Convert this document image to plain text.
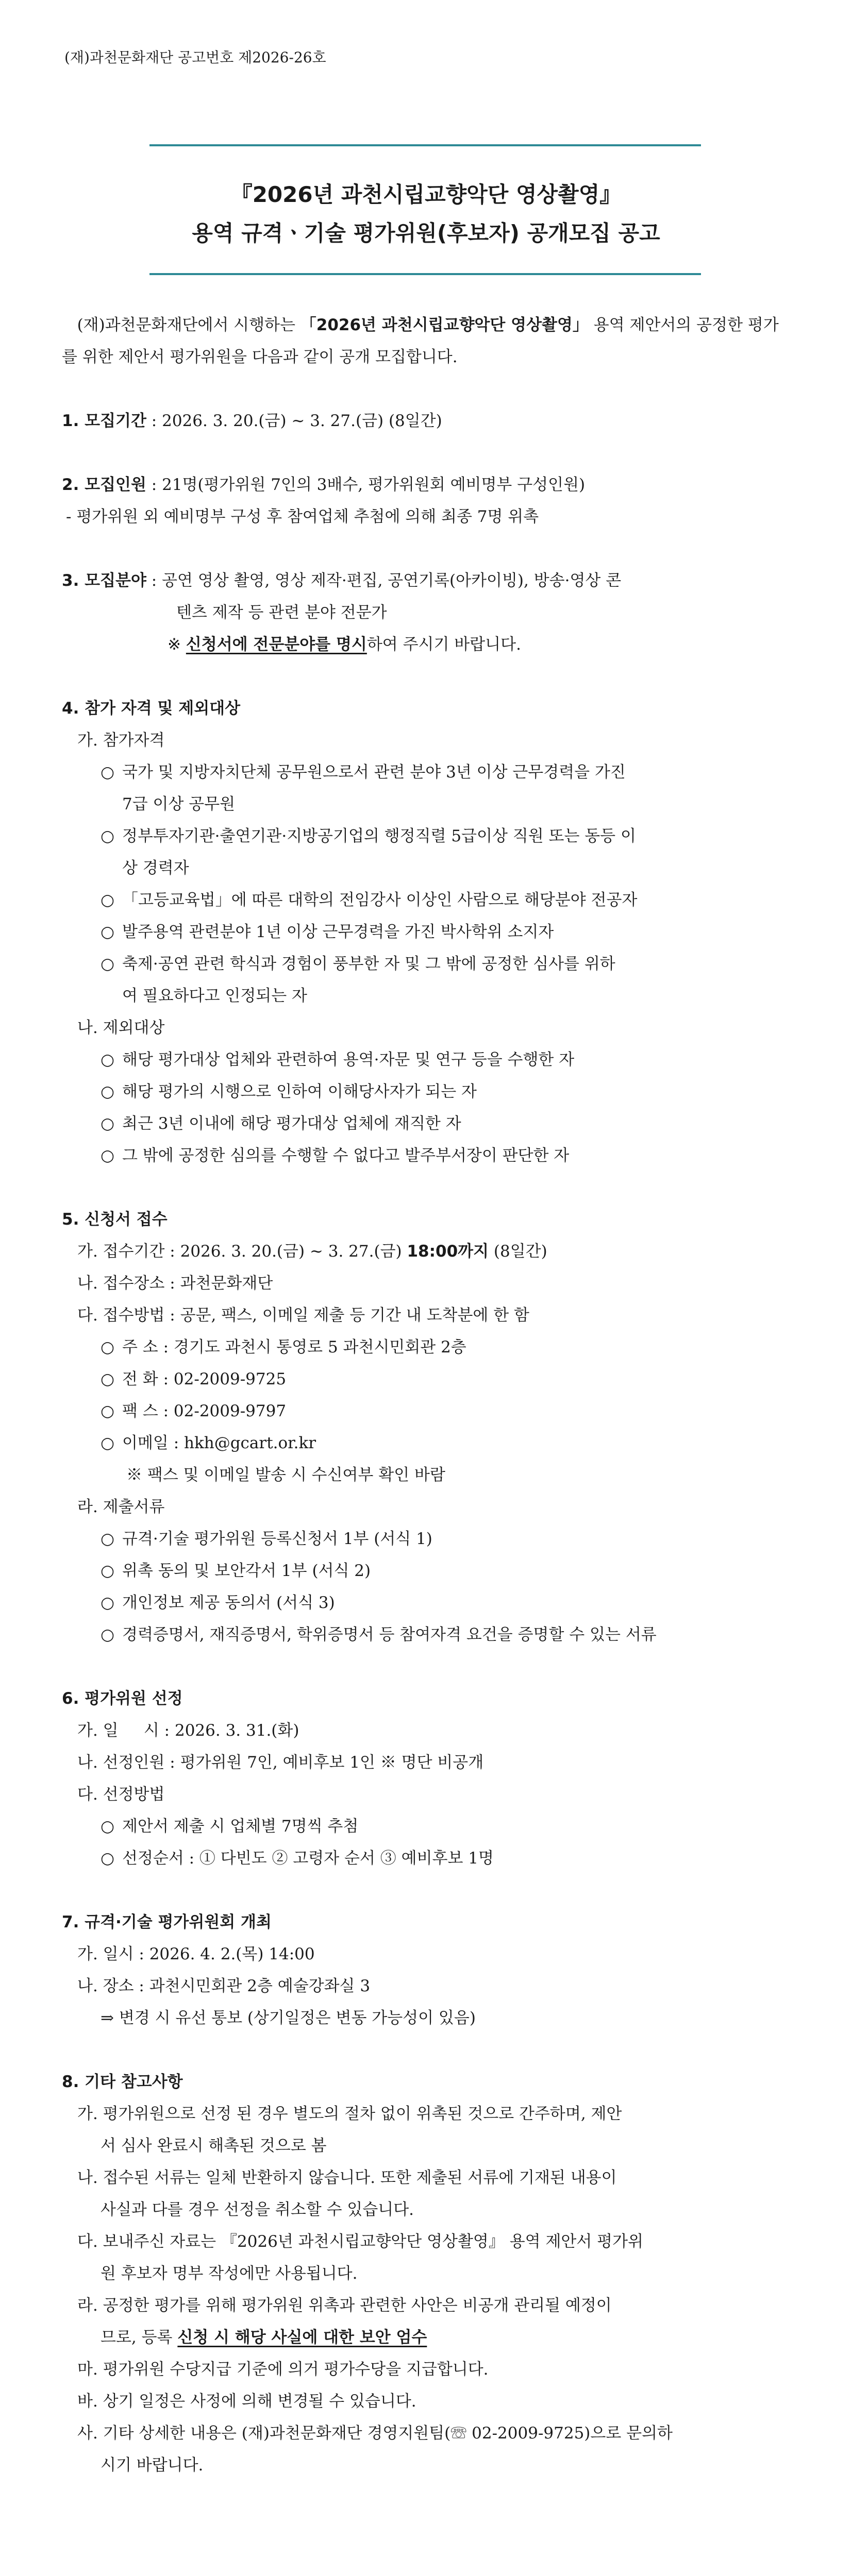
(재)과천문화재단 공고번호 제2026-26호
『2026년 과천시립교향악단 영상촬영』
용역 규격ㆍ기술 평가위원(후보자) 공개모집 공고

(재)과천문화재단에서 시행하는 「2026년 과천시립교향악단 영상촬영」 용역 제안서의 공정한 평가를 위한 제안서 평가위원을 다음과 같이 공개 모집합니다.

1. 모집기간 : 2026. 3. 20.(금) ~ 3. 27.(금) (8일간)

2. 모집인원 : 21명(평가위원 7인의 3배수, 평가위원회 예비명부 구성인원)

- 평가위원 외 예비명부 구성 후 참여업체 추첨에 의해 최종 7명 위촉

3. 모집분야 : 공연 영상 촬영, 영상 제작·편집, 공연기록(아카이빙), 방송·영상 콘

텐츠 제작 등 관련 분야 전문가

※ 신청서에 전문분야를 명시하여 주시기 바랍니다.

4. 참가 자격 및 제외대상

가. 참가자격

○ 국가 및 지방자치단체 공무원으로서 관련 분야 3년 이상 근무경력을 가진

7급 이상 공무원

○ 정부투자기관·출연기관·지방공기업의 행정직렬 5급이상 직원 또는 동등 이

상 경력자

○ 「고등교육법」에 따른 대학의 전임강사 이상인 사람으로 해당분야 전공자

○ 발주용역 관련분야 1년 이상 근무경력을 가진 박사학위 소지자

○ 축제·공연 관련 학식과 경험이 풍부한 자 및 그 밖에 공정한 심사를 위하

여 필요하다고 인정되는 자

나. 제외대상

○ 해당 평가대상 업체와 관련하여 용역·자문 및 연구 등을 수행한 자

○ 해당 평가의 시행으로 인하여 이해당사자가 되는 자

○ 최근 3년 이내에 해당 평가대상 업체에 재직한 자

○ 그 밖에 공정한 심의를 수행할 수 없다고 발주부서장이 판단한 자

5. 신청서 접수

가. 접수기간 : 2026. 3. 20.(금) ~ 3. 27.(금) 18:00까지 (8일간)

나. 접수장소 : 과천문화재단

다. 접수방법 : 공문, 팩스, 이메일 제출 등 기간 내 도착분에 한 함

○ 주 소 : 경기도 과천시 통영로 5 과천시민회관 2층

○ 전 화 : 02-2009-9725

○ 팩 스 : 02-2009-9797

○ 이메일 : hkh@gcart.or.kr

※ 팩스 및 이메일 발송 시 수신여부 확인 바람

라. 제출서류

○ 규격·기술 평가위원 등록신청서 1부 (서식 1)

○ 위촉 동의 및 보안각서 1부 (서식 2)

○ 개인정보 제공 동의서 (서식 3)

○ 경력증명서, 재직증명서, 학위증명서 등 참여자격 요건을 증명할 수 있는 서류

6. 평가위원 선정

가. 일     시 : 2026. 3. 31.(화)

나. 선정인원 : 평가위원 7인, 예비후보 1인 ※ 명단 비공개

다. 선정방법

○ 제안서 제출 시 업체별 7명씩 추첨

○ 선정순서 : ① 다빈도 ② 고령자 순서 ③ 예비후보 1명

7. 규격·기술 평가위원회 개최

가. 일시 : 2026. 4. 2.(목) 14:00

나. 장소 : 과천시민회관 2층 예술강좌실 3

⇒ 변경 시 유선 통보 (상기일정은 변동 가능성이 있음)

8. 기타 참고사항

가. 평가위원으로 선정 된 경우 별도의 절차 없이 위촉된 것으로 간주하며, 제안

서 심사 완료시 해촉된 것으로 봄

나. 접수된 서류는 일체 반환하지 않습니다. 또한 제출된 서류에 기재된 내용이

사실과 다를 경우 선정을 취소할 수 있습니다.

다. 보내주신 자료는 『2026년 과천시립교향악단 영상촬영』 용역 제안서 평가위

원 후보자 명부 작성에만 사용됩니다.

라. 공정한 평가를 위해 평가위원 위촉과 관련한 사안은 비공개 관리될 예정이

므로, 등록 신청 시 해당 사실에 대한 보안 엄수

마. 평가위원 수당지급 기준에 의거 평가수당을 지급합니다.

바. 상기 일정은 사정에 의해 변경될 수 있습니다.

사. 기타 상세한 내용은 (재)과천문화재단 경영지원팀(☏ 02-2009-9725)으로 문의하

시기 바랍니다.
